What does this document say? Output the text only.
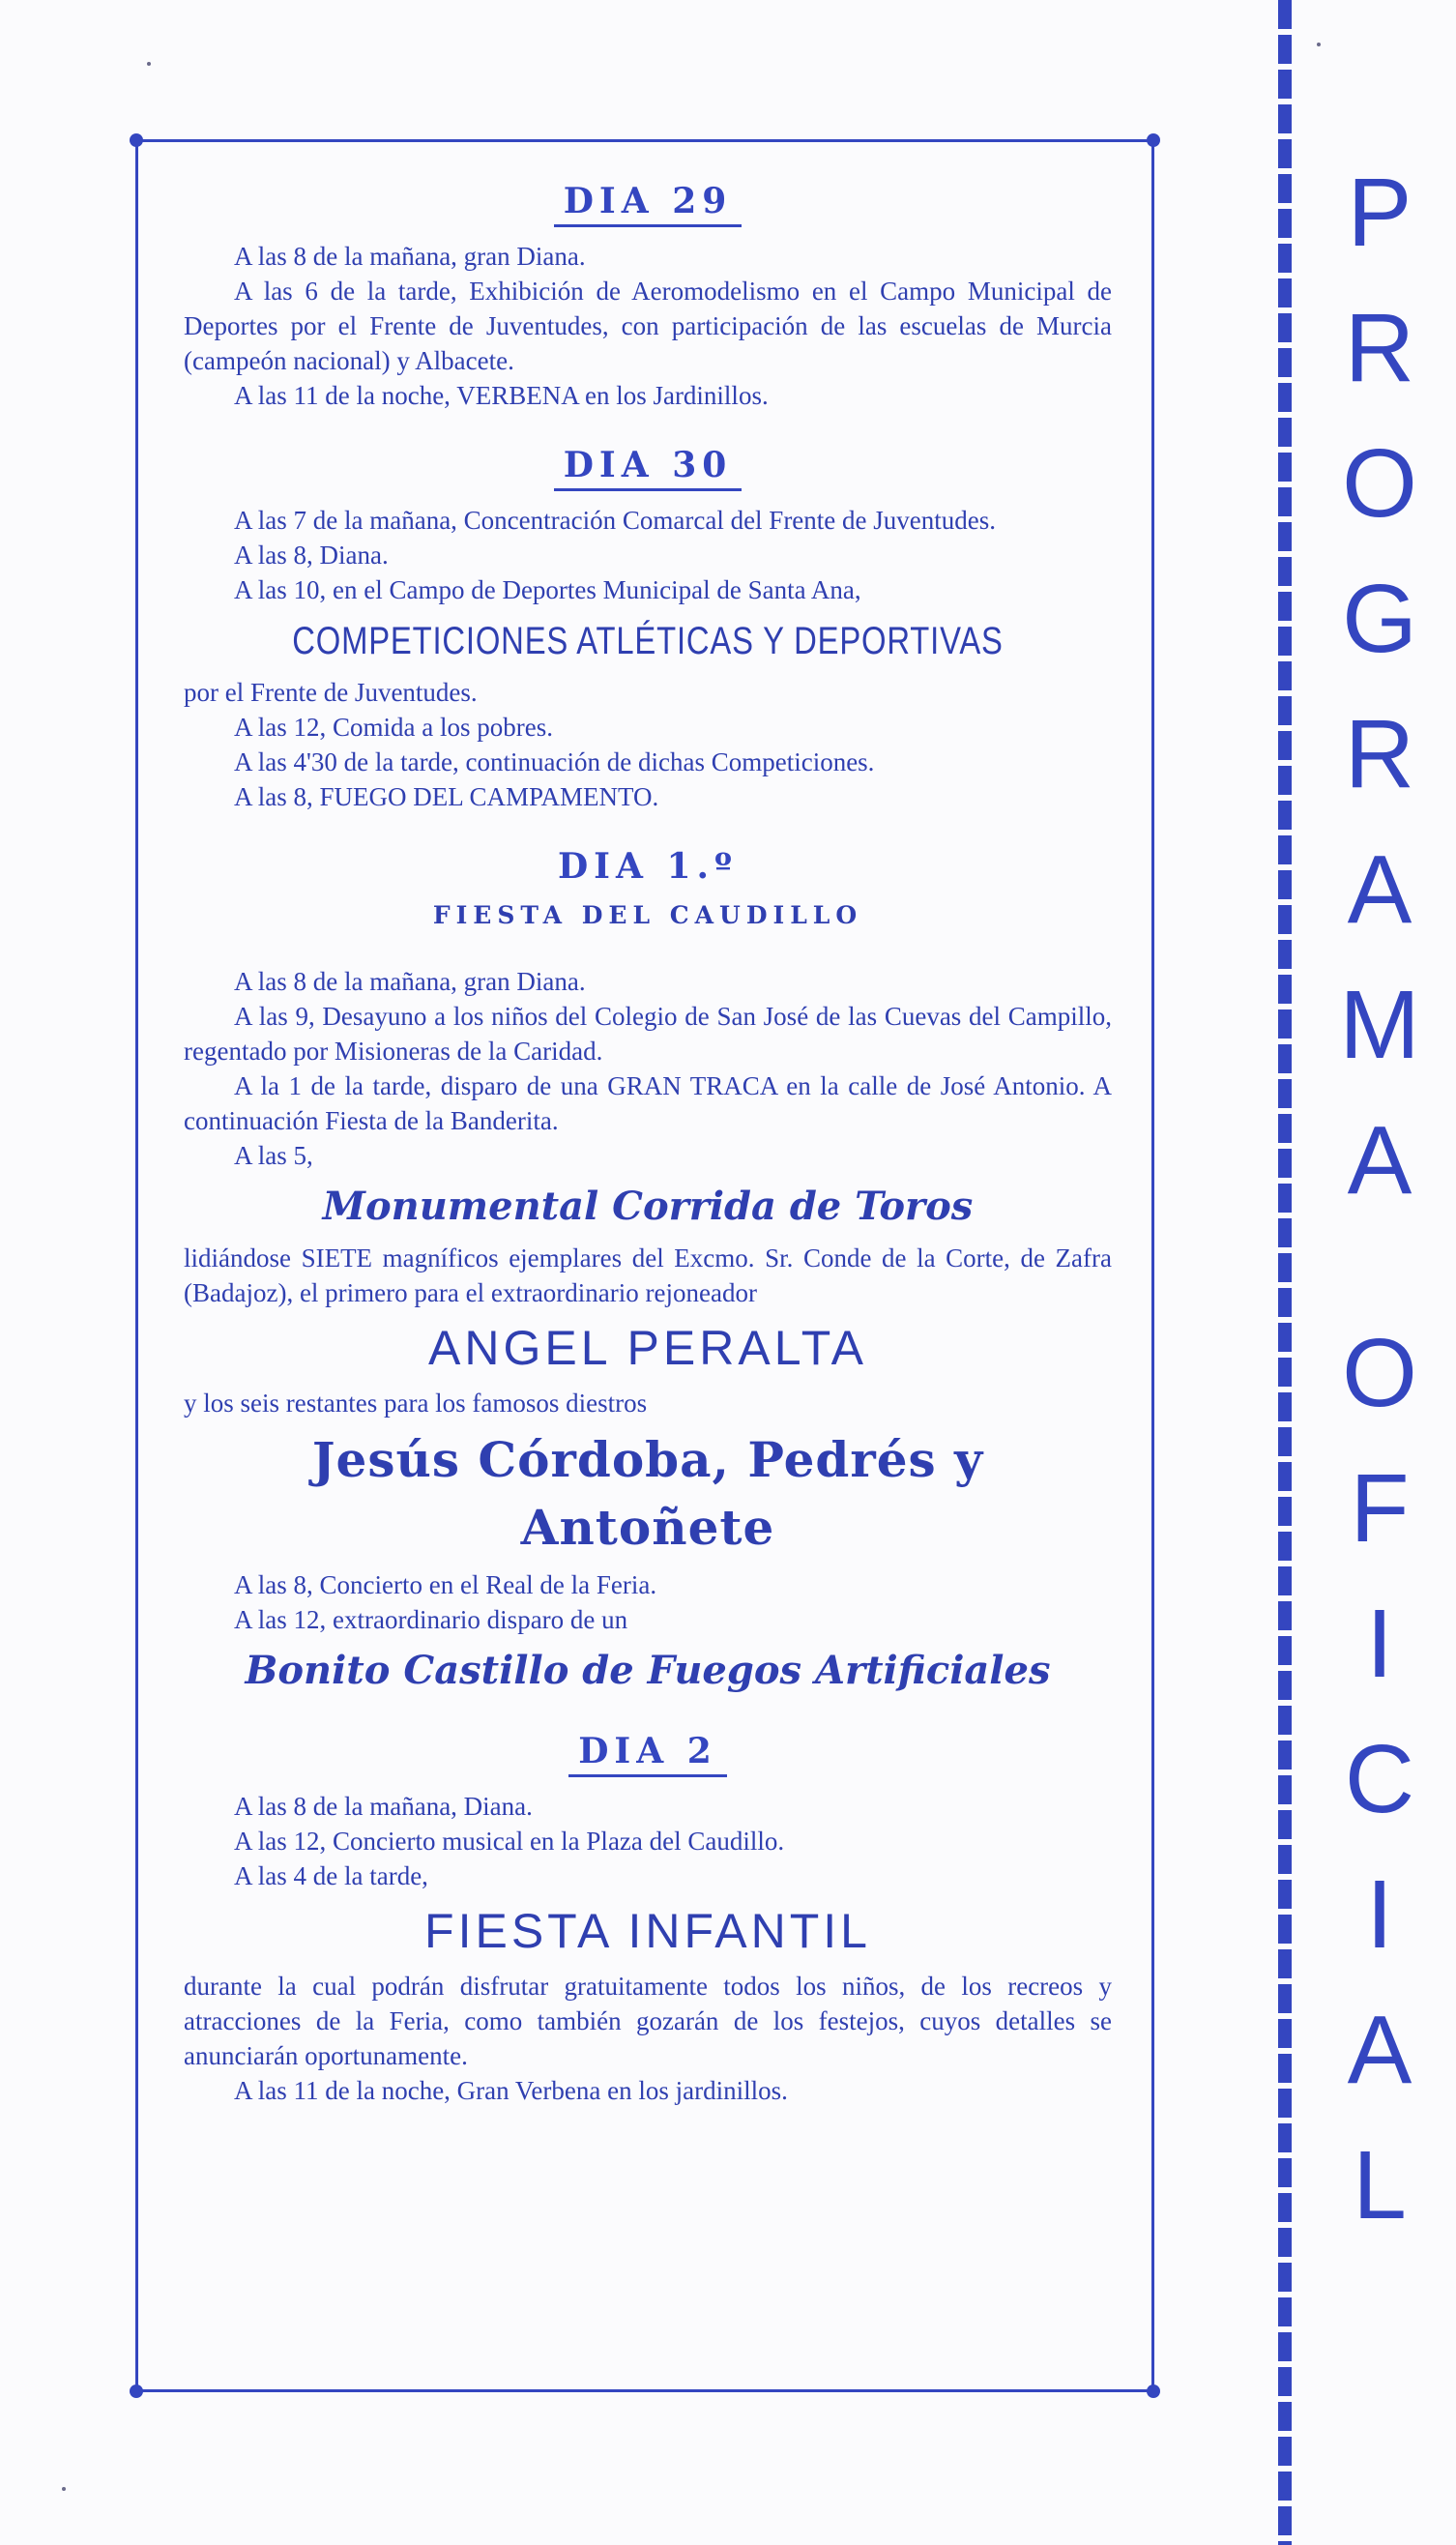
DIA 29

A las 8 de la mañana, gran Diana.

A las 6 de la tarde, Exhibición de Aeromodelismo en el Campo Municipal de Deportes por el Frente de Juventudes, con participación de las escuelas de Murcia (campeón nacional) y Albacete.

A las 11 de la noche, VERBENA en los Jardinillos.

DIA 30

A las 7 de la mañana, Concentración Comarcal del Frente de Juventudes.

A las 8, Diana.

A las 10, en el Campo de Deportes Municipal de Santa Ana,

COMPETICIONES ATLÉTICAS Y DEPORTIVAS

por el Frente de Juventudes.

A las 12, Comida a los pobres.

A las 4'30 de la tarde, continuación de dichas Competiciones.

A las 8, FUEGO DEL CAMPAMENTO.

DIA 1.º
FIESTA DEL CAUDILLO

A las 8 de la mañana, gran Diana.

A las 9, Desayuno a los niños del Colegio de San José de las Cuevas del Campillo, regentado por Misioneras de la Caridad.

A la 1 de la tarde, disparo de una GRAN TRACA en la calle de José Antonio. A continuación Fiesta de la Banderita.

A las 5,

Monumental Corrida de Toros

lidiándose SIETE magníficos ejemplares del Excmo. Sr. Conde de la Corte, de Zafra (Badajoz), el primero para el extraordinario rejoneador

ANGEL PERALTA

y los seis restantes para los famosos diestros

Jesús Córdoba, Pedrés y Antoñete

A las 8, Concierto en el Real de la Feria.

A las 12, extraordinario disparo de un

Bonito Castillo de Fuegos Artificiales
DIA 2

A las 8 de la mañana, Diana.

A las 12, Concierto musical en la Plaza del Caudillo.

A las 4 de la tarde,

FIESTA INFANTIL

durante la cual podrán disfrutar gratuitamente todos los niños, de los recreos y atracciones de la Feria, como también gozarán de los festejos, cuyos detalles se anunciarán oportunamente.

A las 11 de la noche, Gran Verbena en los jardinillos.

P
R
O
G
R
A
M
A
O
F
I
C
I
A
L
